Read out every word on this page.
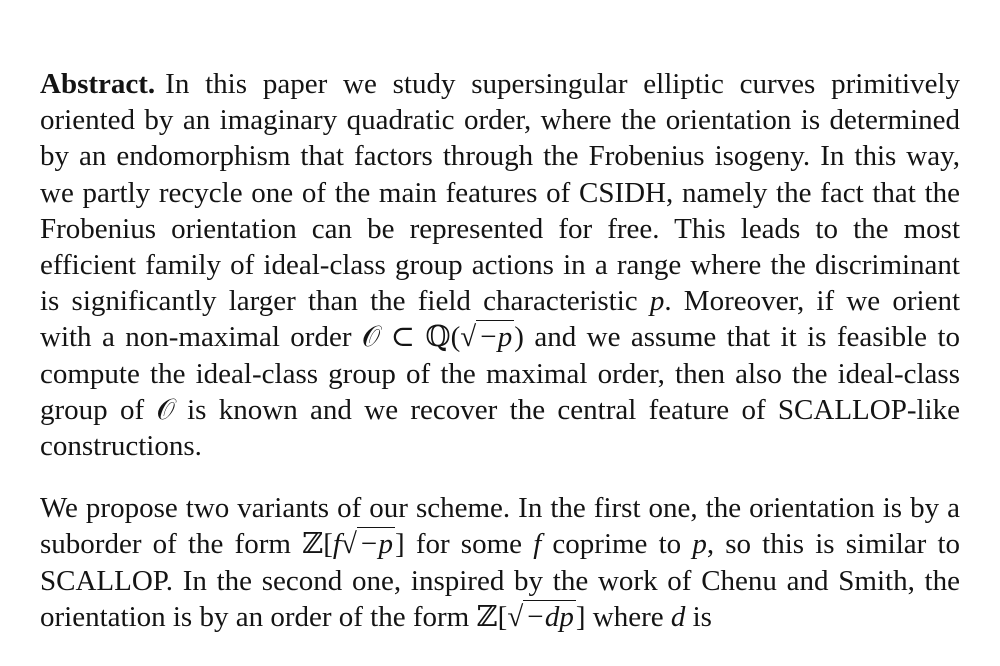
Abstract. In this paper we study supersingular elliptic curves primitively oriented by an imaginary quadratic order, where the orientation is determined by an endomorphism that factors through the Frobenius isogeny. In this way, we partly recycle one of the main features of CSIDH, namely the fact that the Frobenius orientation can be represented for free. This leads to the most efficient family of ideal-class group actions in a range where the discriminant is significantly larger than the field characteristic p. Moreover, if we orient with a non-maximal order 𝒪 ⊂ ℚ(√−p) and we assume that it is feasible to compute the ideal-class group of the maximal order, then also the ideal-class group of 𝒪 is known and we recover the central feature of SCALLOP-like constructions.

We propose two variants of our scheme. In the first one, the orientation is by a suborder of the form ℤ[f√−p] for some f coprime to p, so this is similar to SCALLOP. In the second one, inspired by the work of Chenu and Smith, the orientation is by an order of the form ℤ[√−dp] where d is
